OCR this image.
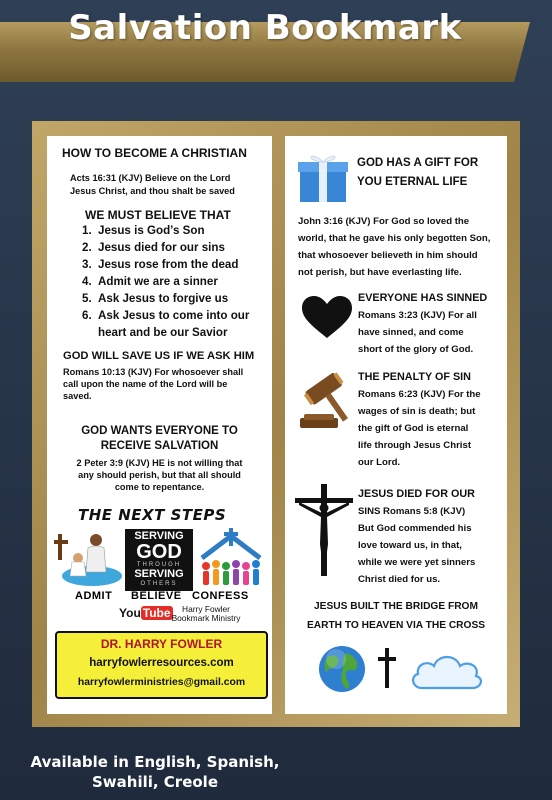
Salvation Bookmark
HOW TO BECOME A CHRISTIAN
Acts 16:31 (KJV) Believe on the Lord
Jesus Christ, and thou shalt be saved
WE MUST BELIEVE THAT
1. Jesus is God’s Son
2. Jesus died for our sins
3. Jesus rose from the dead
4. Admit we are a sinner
5. Ask Jesus to forgive us
6. Ask Jesus to come into our
heart and be our Savior
GOD WILL SAVE US IF WE ASK HIM
Romans 10:13 (KJV) For whosoever shall
call upon the name of the Lord will be
saved.
GOD WANTS EVERYONE TO
RECEIVE SALVATION
2 Peter 3:9 (KJV) HE is not willing that
any should perish, but that all should
come to repentance.
THE NEXT STEPS
SERVING
GOD
THROUGH
SERVING
OTHERS
ADMIT BELIEVE CONFESS
You Tube	Harry Fowler
Bookmark Ministry
DR. HARRY FOWLER
harryfowlerresources.com
harryfowlerministries@gmail.com
GOD HAS A GIFT FOR
YOU ETERNAL LIFE
John 3:16 (KJV) For God so loved the
world, that he gave his only begotten Son,
that whosoever believeth in him should
not perish, but have everlasting life.
EVERYONE HAS SINNED
Romans 3:23 (KJV) For all
have sinned, and come
short of the glory of God.
THE PENALTY OF SIN
Romans 6:23 (KJV) For the
wages of sin is death; but
the gift of God is eternal
life through Jesus Christ
our Lord.
JESUS DIED FOR OUR
SINS Romans 5:8 (KJV)
But God commended his
love toward us, in that,
while we were yet sinners
Christ died for us.
JESUS BUILT THE BRIDGE FROM
EARTH TO HEAVEN VIA THE CROSS
Available in English, Spanish,
Swahili, Creole
